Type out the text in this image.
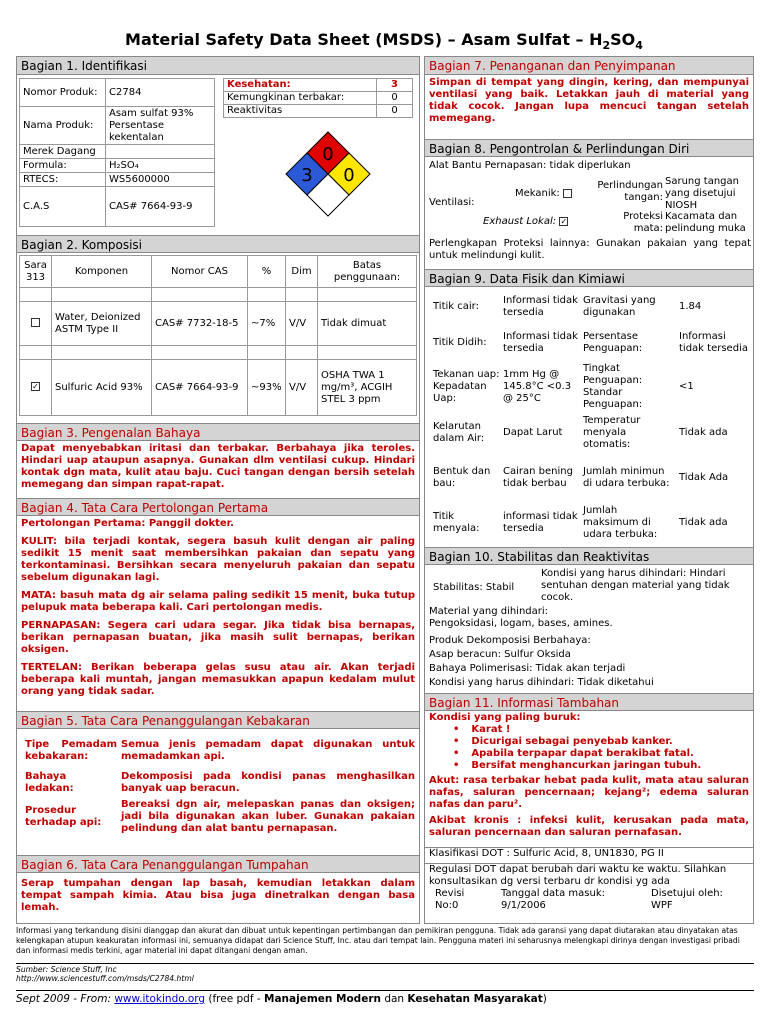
Material Safety Data Sheet (MSDS) – Asam Sulfat – $H_2SO_4$
Bagian 1. Identifikasi
Nomor Produk:	C2784
Nama Produk:	Asam sulfat 93% Persentase kekentalan
Merek Dagang	
Formula:	H₂SO₄
RTECS:	WS5600000
C.A.S	CAS# 7664-93-9
Kesehatan:	3
Kemungkinan terbakar:	0
Reaktivitas	0
0
3 0
Bagian 2. Komposisi
Sara 313	Komponen	Nomor CAS	%	Dim	Batas penggunaan:

	Water, Deionized ASTM Type II	CAS# 7732-18-5	~7%	V/V	Tidak dimuat

✓	Sulfuric Acid 93%	CAS# 7664-93-9	~93%	V/V	OSHA TWA 1 mg/m³, ACGIH STEL 3 ppm
Bagian 3. Pengenalan Bahaya
Dapat menyebabkan iritasi dan terbakar. Berbahaya jika teroles. Hindari uap ataupun asapnya. Gunakan dlm ventilasi cukup. Hindari kontak dgn mata, kulit atau baju. Cuci tangan dengan bersih setelah memegang dan simpan rapat-rapat.
Bagian 4. Tata Cara Pertolongan Pertama
Pertolongan Pertama: Panggil dokter.
KULIT: bila terjadi kontak, segera basuh kulit dengan air paling sedikit 15 menit saat membersihkan pakaian dan sepatu yang terkontaminasi. Bersihkan secara menyeluruh pakaian dan sepatu sebelum digunakan lagi.
MATA: basuh mata dg air selama paling sedikit 15 menit, buka tutup pelupuk mata beberapa kali. Cari pertolongan medis.
PERNAPASAN: Segera cari udara segar. Jika tidak bisa bernapas, berikan pernapasan buatan, jika masih sulit bernapas, berikan oksigen.
TERTELAN: Berikan beberapa gelas susu atau air. Akan terjadi beberapa kali muntah, jangan memasukkan apapun kedalam mulut orang yang tidak sadar.
Bagian 5. Tata Cara Penanggulangan Kebakaran
Tipe Pemadam kebakaran:	Semua jenis pemadam dapat digunakan untuk memadamkan api.
Bahaya ledakan:	Dekomposisi pada kondisi panas menghasilkan banyak uap beracun.
Prosedur terhadap api:	Bereaksi dgn air, melepaskan panas dan oksigen; jadi bila digunakan akan luber. Gunakan pakaian pelindung dan alat bantu pernapasan.
Bagian 6. Tata Cara Penanggulangan Tumpahan
Serap tumpahan dengan lap basah, kemudian letakkan dalam tempat sampah kimia. Atau bisa juga dinetralkan dengan basa lemah.
Bagian 7. Penanganan dan Penyimpanan
Simpan di tempat yang dingin, kering, dan mempunyai ventilasi yang baik. Letakkan jauh di material yang tidak cocok. Jangan lupa mencuci tangan setelah memegang.
Bagian 8. Pengontrolan & Perlindungan Diri
Alat Bantu Pernapasan: tidak diperlukan
Ventilasi:
Mekanik:
Exhaust Lokal: ✓
Perlindungan tangan:
Sarung tangan yang disetujui NIOSH
Proteksi mata:
Kacamata dan pelindung muka
Perlengkapan Proteksi lainnya: Gunakan pakaian yang tepat untuk melindungi kulit.
Bagian 9. Data Fisik dan Kimiawi
Titik cair:	Informasi tidak tersedia	Gravitasi yang digunakan	1.84
Titik Didih:	Informasi tidak tersedia	Persentase Penguapan:	Informasi tidak tersedia
Tekanan uap: Kepadatan Uap:	1mm Hg @ 145.8°C <0.3 @ 25°C	Tingkat Penguapan: Standar Penguapan:	<1
Kelarutan dalam Air:	Dapat Larut	Temperatur menyala otomatis:	Tidak ada
Bentuk dan bau:	Cairan bening tidak berbau	Jumlah minimun di udara terbuka:	Tidak Ada
Titik menyala:	informasi tidak tersedia	Jumlah maksimum di udara terbuka:	Tidak ada
Bagian 10. Stabilitas dan Reaktivitas
Stabilitas: Stabil
Kondisi yang harus dihindari: Hindari sentuhan dengan material yang tidak cocok.
Material yang dihindari:
Pengoksidasi, logam, bases, amines.
Produk Dekomposisi Berbahaya:
Asap beracun: Sulfur Oksida
Bahaya Polimerisasi: Tidak akan terjadi
Kondisi yang harus dihindari: Tidak diketahui
Bagian 11. Informasi Tambahan
Kondisi yang paling buruk:
• Karat !
• Dicurigai sebagai penyebab kanker.
• Apabila terpapar dapat berakibat fatal.
• Bersifat menghancurkan jaringan tubuh.
Akut: rasa terbakar hebat pada kulit, mata atau saluran nafas, saluran pencernaan; kejang²; edema saluran nafas dan paru².
Akibat kronis : infeksi kulit, kerusakan pada mata, saluran pencernaan dan saluran pernafasan.
Klasifikasi DOT : Sulfuric Acid, 8, UN1830, PG II
Regulasi DOT dapat berubah dari waktu ke waktu. Silahkan konsultasikan dg versi terbaru dr kondisi yg ada
Revisi
No:0
Tanggal data masuk:
9/1/2006
Disetujui oleh:
WPF
Informasi yang terkandung disini dianggap dan akurat dan dibuat untuk kepentingan pertimbangan dan pemikiran pengguna. Tidak ada garansi yang dapat diutarakan atau dinyatakan atas kelengkapan atupun keakuratan informasi ini, semuanya didapat dari Science Stuff, Inc. atau dari tempat lain. Pengguna materi ini seharusnya melengkapi dirinya dengan investigasi pribadi dan informasi medis terkini, agar material ini dapat ditangani dengan aman.
Sumber: Science Stuff, Inc
http://www.sciencestuff.com/msds/C2784.html
Sept 2009 - From: www.itokindo.org (free pdf - Manajemen Modern dan Kesehatan Masyarakat)
